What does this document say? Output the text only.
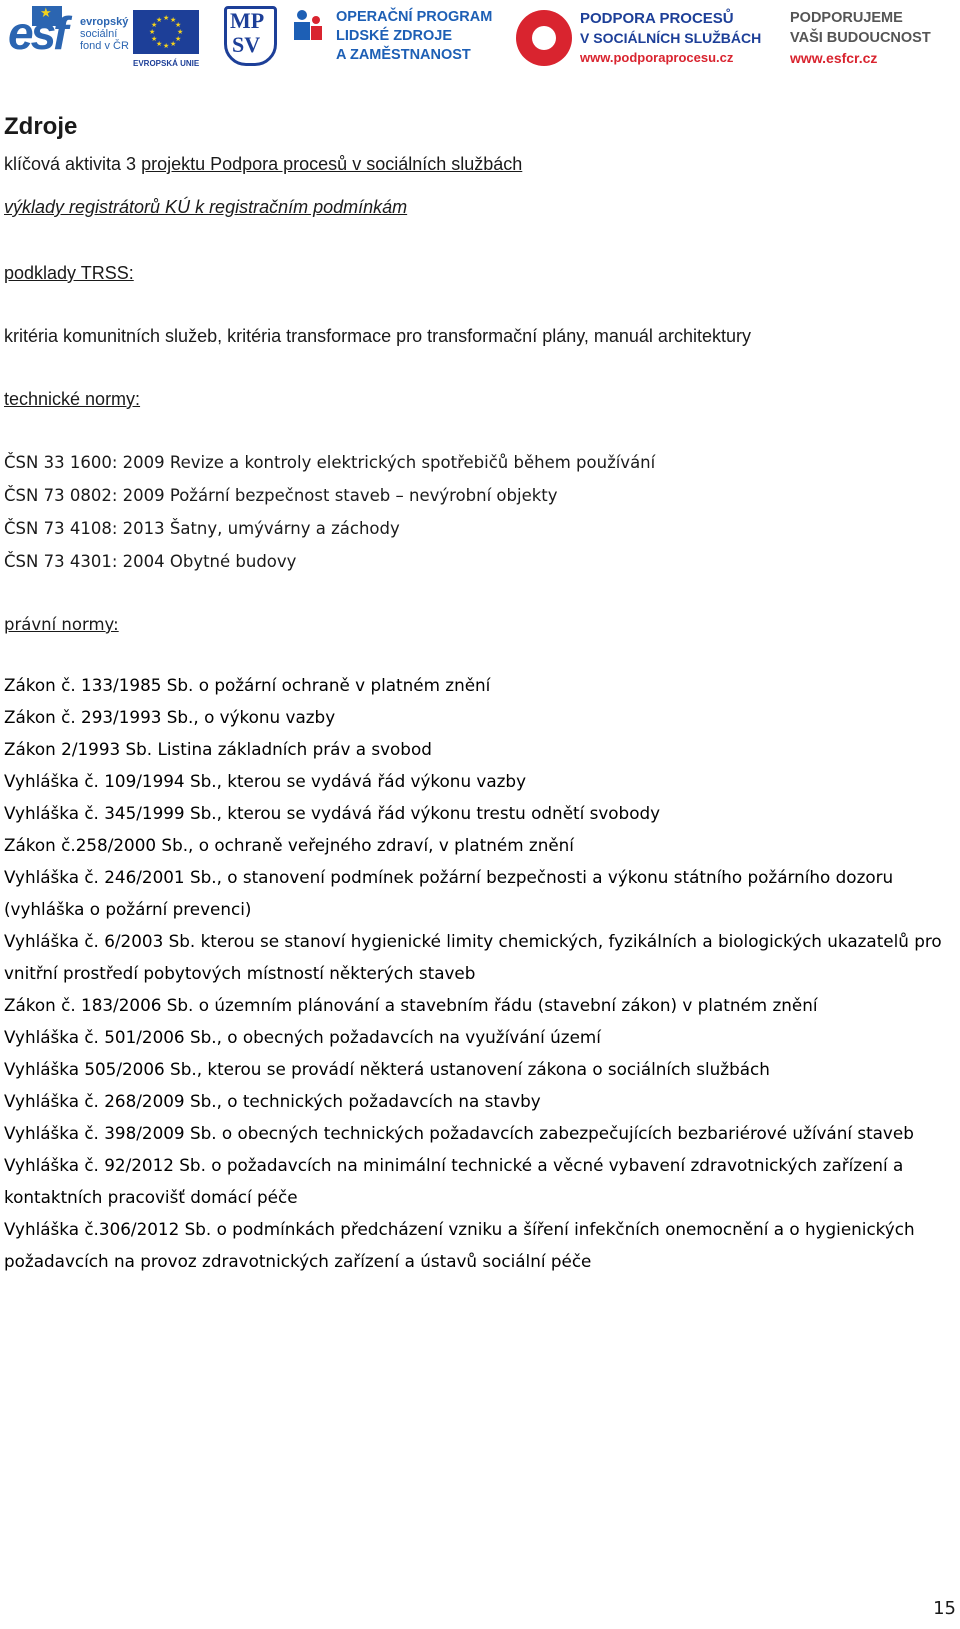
★
esf evropský
sociální
fond v ČR
★ ★
★
★
★
★
★
★
★
★
★
★
EVROPSKÁ UNIE
MP
SV
OPERAČNÍ PROGRAM
LIDSKÉ ZDROJE
A ZAMĚSTNANOST
PODPORA PROCESŮ
V SOCIÁLNÍCH SLUŽBÁCH
www.podporaprocesu.cz
PODPORUJEME
VAŠI BUDOUCNOST
www.esfcr.cz
Zdroje

klíčová aktivita 3 projektu Podpora procesů v sociálních službách

výklady registrátorů KÚ k registračním podmínkám

podklady TRSS:

kritéria komunitních služeb, kritéria transformace pro transformační plány, manuál architektury

technické normy:

ČSN 33 1600: 2009 Revize a kontroly elektrických spotřebičů během používání

ČSN 73 0802: 2009 Požární bezpečnost staveb – nevýrobní objekty

ČSN 73 4108: 2013 Šatny, umývárny a záchody

ČSN 73 4301: 2004 Obytné budovy

právní normy:

Zákon č. 133/1985 Sb. o požární ochraně v platném znění

Zákon č. 293/1993 Sb., o výkonu vazby

Zákon 2/1993 Sb. Listina základních práv a svobod

Vyhláška č. 109/1994 Sb., kterou se vydává řád výkonu vazby

Vyhláška č. 345/1999 Sb., kterou se vydává řád výkonu trestu odnětí svobody

Zákon č.258/2000 Sb., o ochraně veřejného zdraví, v platném znění

Vyhláška č. 246/2001 Sb., o stanovení podmínek požární bezpečnosti a výkonu státního požárního dozoru (vyhláška o požární prevenci)

Vyhláška č. 6/2003 Sb. kterou se stanoví hygienické limity chemických, fyzikálních a biologických ukazatelů pro vnitřní prostředí pobytových místností některých staveb

Zákon č. 183/2006 Sb. o územním plánování a stavebním řádu (stavební zákon) v platném znění

Vyhláška č. 501/2006 Sb., o obecných požadavcích na využívání území

Vyhláška 505/2006 Sb., kterou se provádí některá ustanovení zákona o sociálních službách

Vyhláška č. 268/2009 Sb., o technických požadavcích na stavby

Vyhláška č. 398/2009 Sb. o obecných technických požadavcích zabezpečujících bezbariérové užívání staveb

Vyhláška č. 92/2012 Sb. o požadavcích na minimální technické a věcné vybavení zdravotnických zařízení a kontaktních pracovišť domácí péče

Vyhláška č.306/2012 Sb. o podmínkách předcházení vzniku a šíření infekčních onemocnění a o hygienických požadavcích na provoz zdravotnických zařízení a ústavů sociální péče

15
